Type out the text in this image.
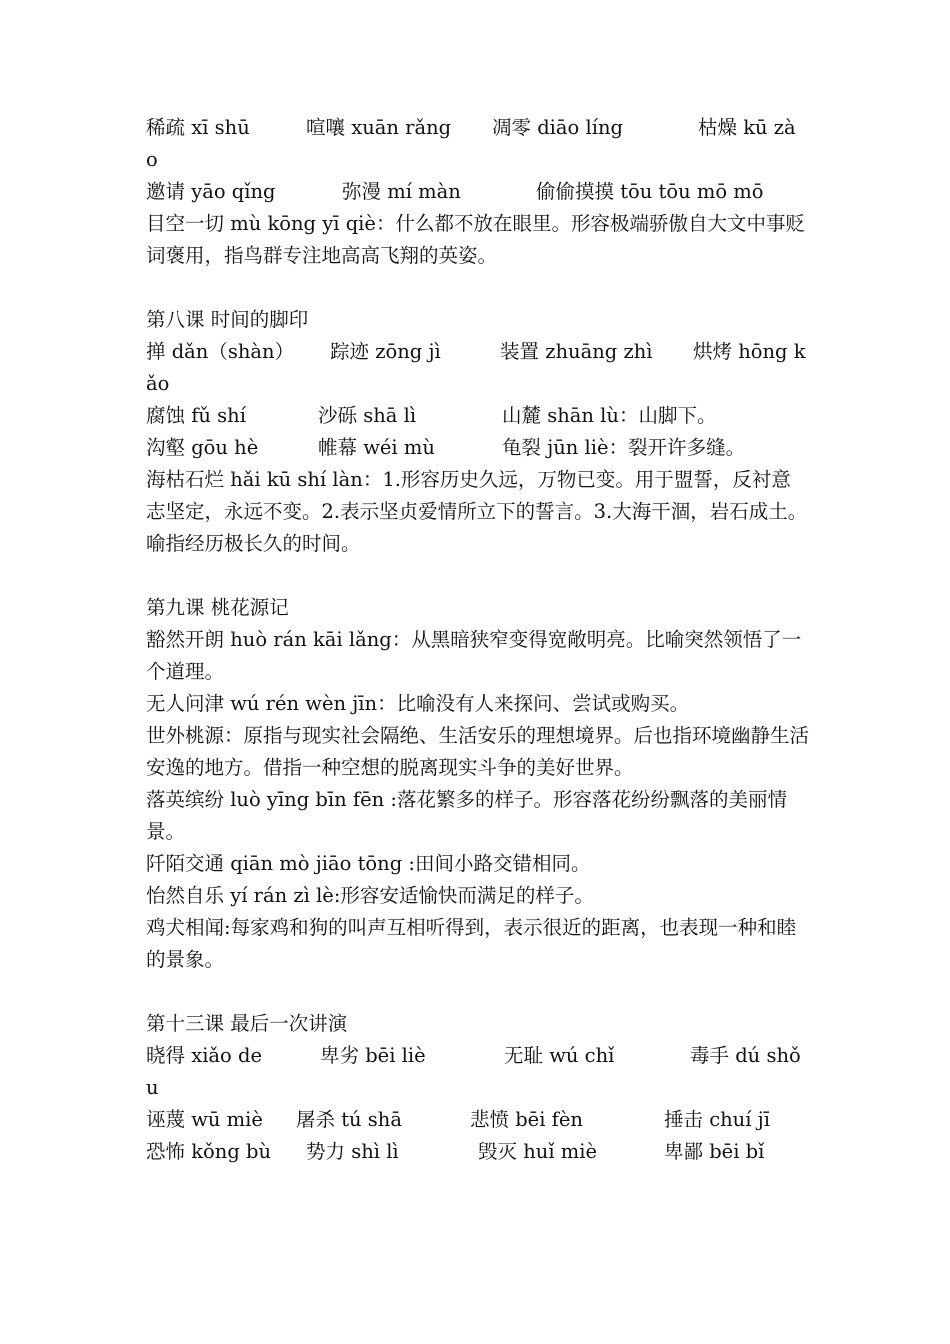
稀疏 xī shū	喧嚷 xuān rǎng	凋零 diāo líng	枯燥 kū zà
o
邀请 yāo qǐng	弥漫 mí màn	偷偷摸摸 tōu tōu mō mō

目空一切 mù kōng yī qiè：什么都不放在眼里。形容极端骄傲自大文中事贬词褒用，指鸟群专注地高高飞翔的英姿。

第八课 时间的脚印
掸 dǎn（shàn）	踪迹 zōng jì	装置 zhuāng zhì	烘烤 hōng k
ǎo
腐蚀 fǔ shí	沙砾 shā lì	山麓 shān lù：山脚下。
沟壑 gōu hè	帷幕 wéi mù	龟裂 jūn liè：裂开许多缝。

海枯石烂 hǎi kū shí làn：1.形容历史久远，万物已变。用于盟誓，反衬意志坚定，永远不变。2.表示坚贞爱情所立下的誓言。3.大海干涸，岩石成土。喻指经历极长久的时间。

第九课 桃花源记

豁然开朗 huò rán kāi lǎng：从黑暗狭窄变得宽敞明亮。比喻突然领悟了一个道理。

无人问津 wú rén wèn jīn：比喻没有人来探问、尝试或购买。

世外桃源：原指与现实社会隔绝、生活安乐的理想境界。后也指环境幽静生活安逸的地方。借指一种空想的脱离现实斗争的美好世界。

落英缤纷 luò yīng bīn fēn :落花繁多的样子。形容落花纷纷飘落的美丽情景。

阡陌交通 qiān mò jiāo tōng :田间小路交错相同。

怡然自乐 yí rán zì lè:形容安适愉快而满足的样子。

鸡犬相闻:每家鸡和狗的叫声互相听得到，表示很近的距离，也表现一种和睦的景象。

第十三课 最后一次讲演
晓得 xiǎo de	卑劣 bēi liè	无耻 wú chǐ	毒手 dú shǒ
u
诬蔑 wū miè	屠杀 tú shā	悲愤 bēi fèn	捶击 chuí jī
恐怖 kǒng bù	势力 shì lì	毁灭 huǐ miè	卑鄙 bēi bǐ
